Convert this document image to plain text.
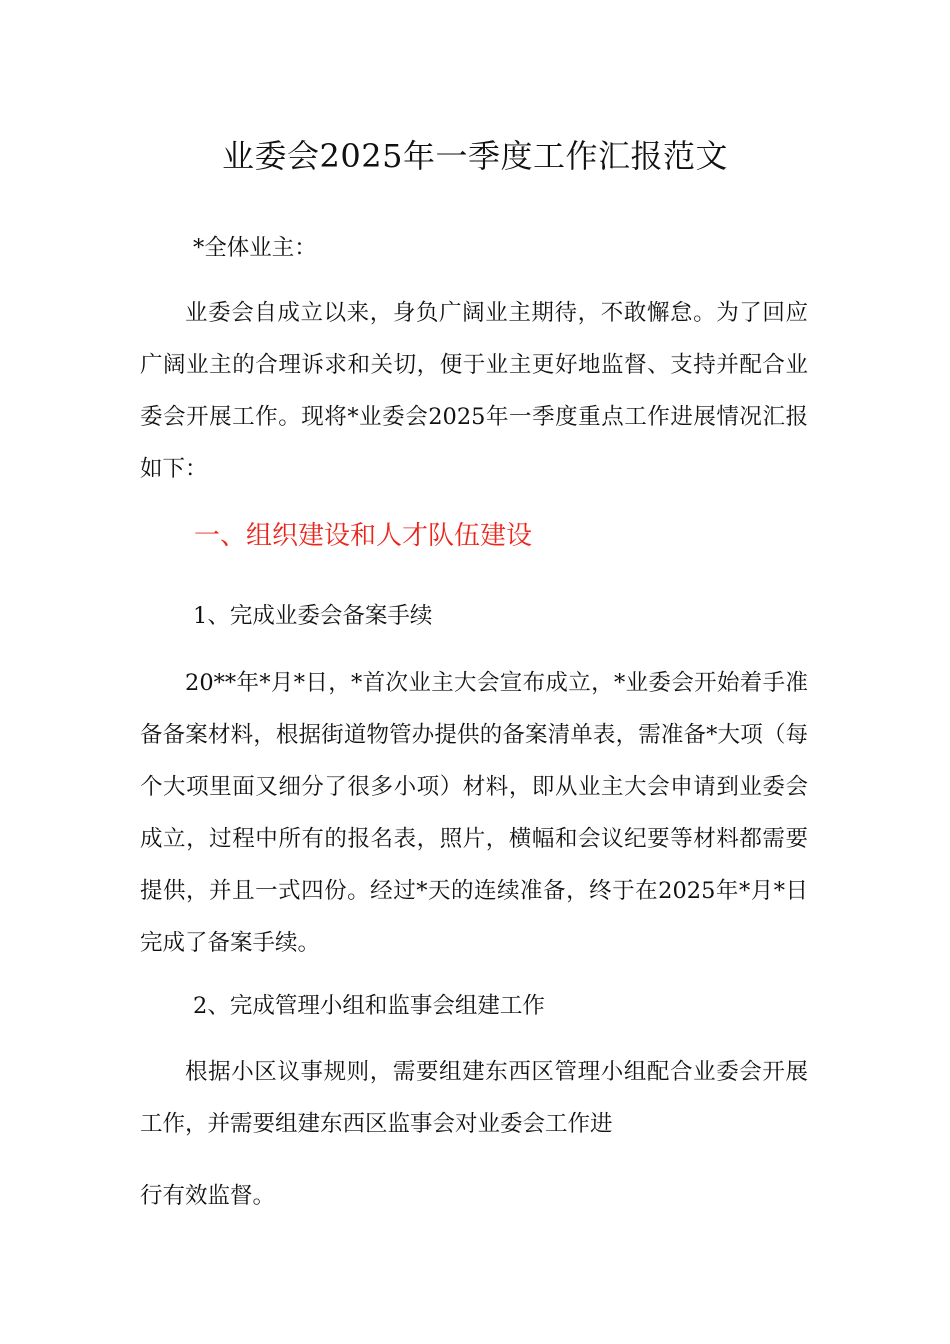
业委会2025年一季度工作汇报范文
*全体业主：
业委会自成立以来，身负广阔业主期待，不敢懈怠。为了回应广阔业主的合理诉求和关切，便于业主更好地监督、支持并配合业委会开展工作。现将*业委会2025年一季度重点工作进展情况汇报如下：
一、组织建设和人才队伍建设
1、完成业委会备案手续
20**年*月*日，*首次业主大会宣布成立，*业委会开始着手准备备案材料，根据街道物管办提供的备案清单表，需准备*大项（每个大项里面又细分了很多小项）材料，即从业主大会申请到业委会成立，过程中所有的报名表，照片，横幅和会议纪要等材料都需要提供，并且一式四份。经过*天的连续准备，终于在2025年*月*日完成了备案手续。
2、完成管理小组和监事会组建工作
根据小区议事规则，需要组建东西区管理小组配合业委会开展工作，并需要组建东西区监事会对业委会工作进
行有效监督。
